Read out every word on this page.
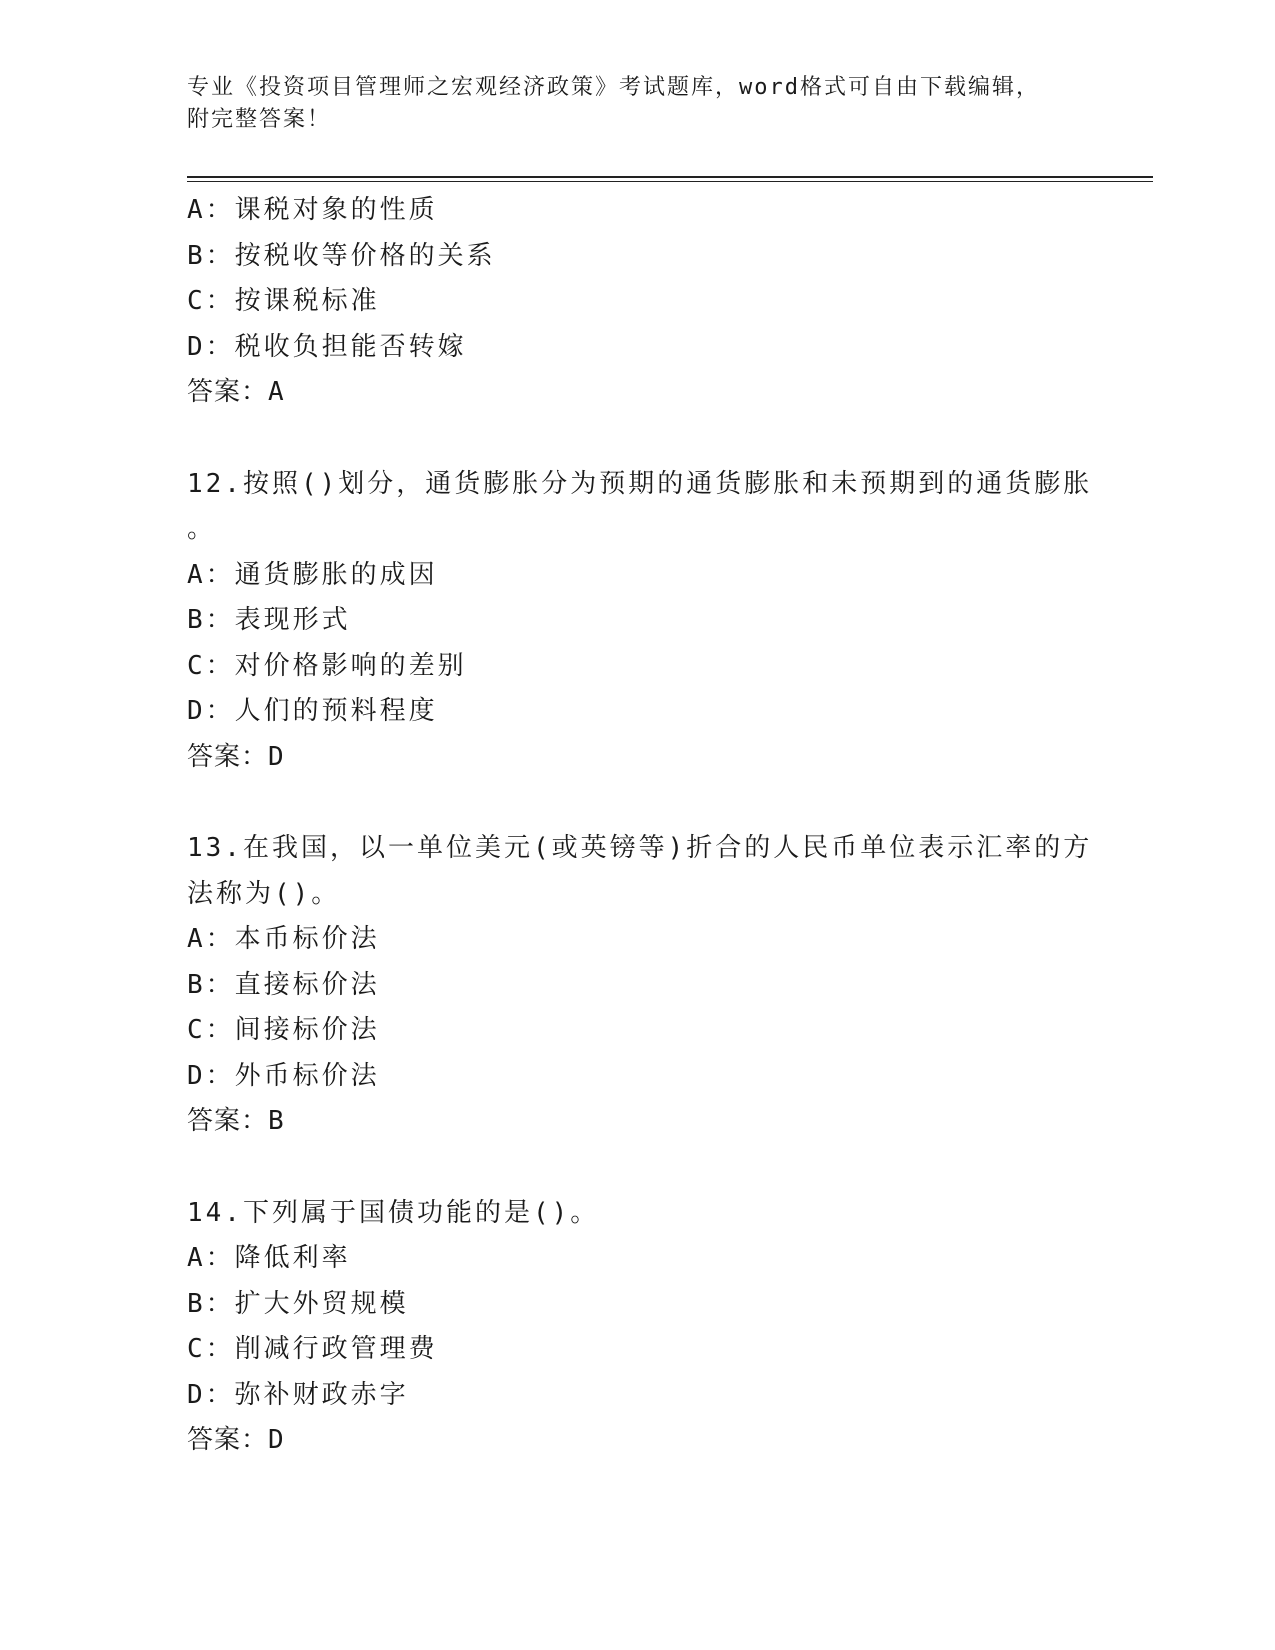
专业《投资项目管理师之宏观经济政策》考试题库，word格式可自由下载编辑，
附完整答案！
A：课税对象的性质
B：按税收等价格的关系
C：按课税标准
D：税收负担能否转嫁
答案：A
12.按照()划分，通货膨胀分为预期的通货膨胀和未预期到的通货膨胀
。
A：通货膨胀的成因
B：表现形式
C：对价格影响的差别
D：人们的预料程度
答案：D
13.在我国，以一单位美元(或英镑等)折合的人民币单位表示汇率的方
法称为()。
A：本币标价法
B：直接标价法
C：间接标价法
D：外币标价法
答案：B
14.下列属于国债功能的是()。
A：降低利率
B：扩大外贸规模
C：削减行政管理费
D：弥补财政赤字
答案：D
